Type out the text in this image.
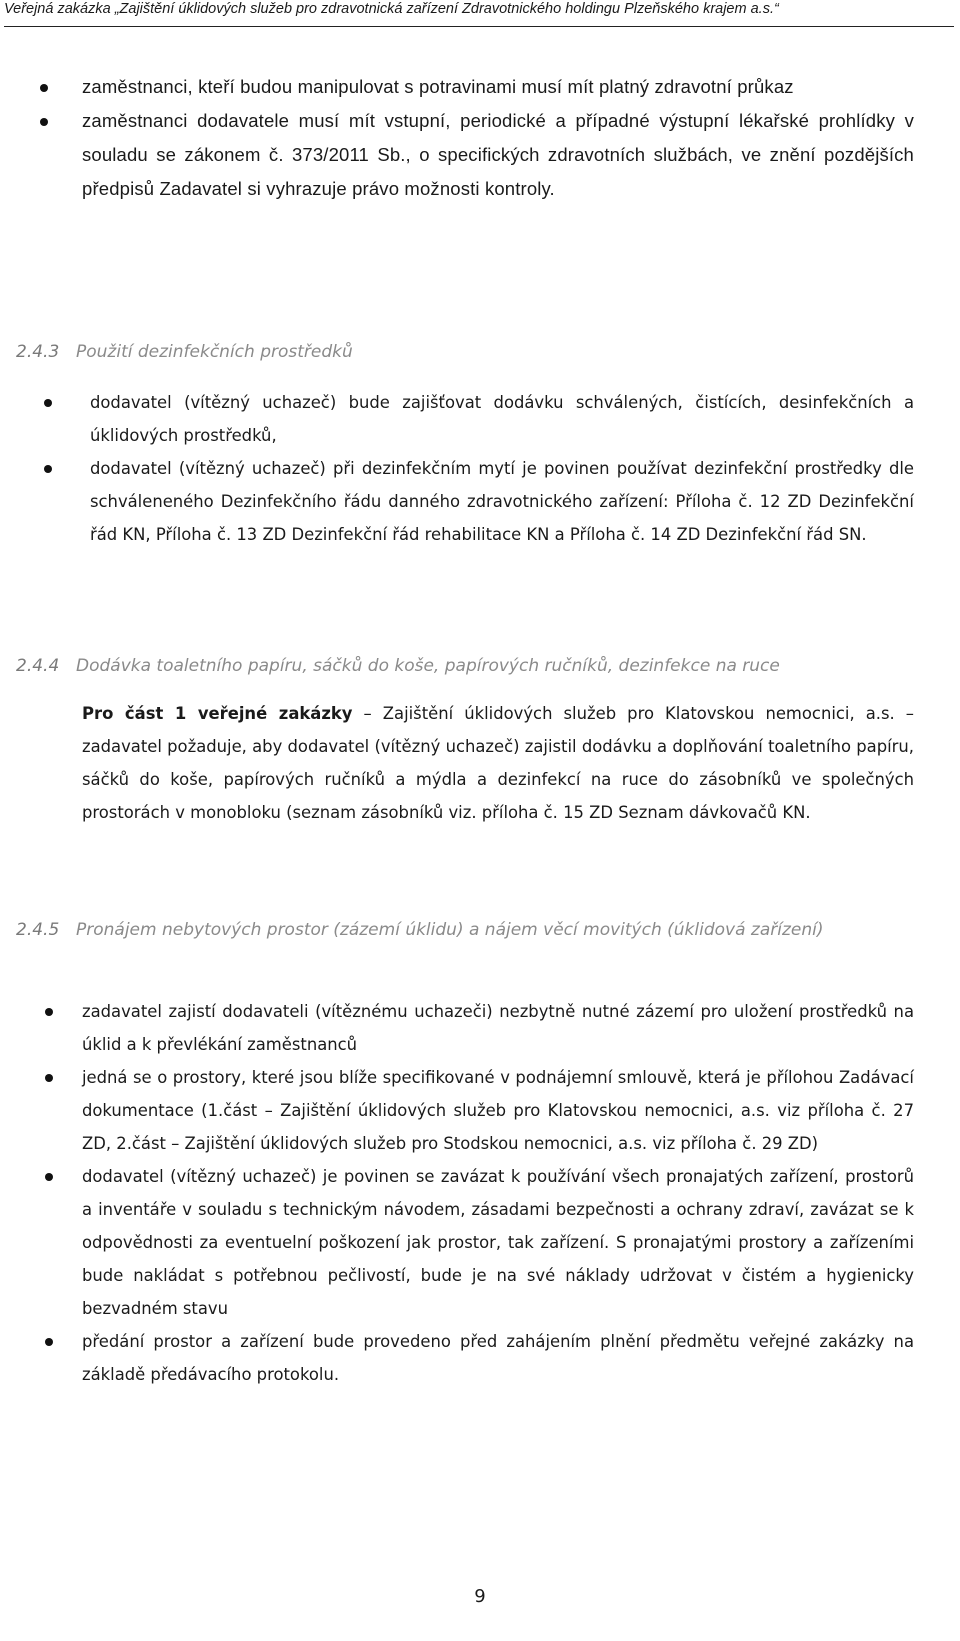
Veřejná zakázka „Zajištění úklidových služeb pro zdravotnická zařízení Zdravotnického holdingu Plzeňského krajem a.s.“
zaměstnanci, kteří budou manipulovat s potravinami musí mít platný zdravotní průkaz
zaměstnanci dodavatele musí mít vstupní, periodické a případné výstupní lékařské prohlídky v souladu se zákonem č. 373/2011 Sb., o specifických zdravotních službách, ve znění pozdějších předpisů Zadavatel si vyhrazuje právo možnosti kontroly.
2.4.3 Použití dezinfekčních prostředků
dodavatel (vítězný uchazeč) bude zajišťovat dodávku schválených, čistících, desinfekčních a úklidových prostředků,
dodavatel (vítězný uchazeč) při dezinfekčním mytí je povinen používat dezinfekční prostředky dle schváleneného Dezinfekčního řádu danného zdravotnického zařízení: Příloha č. 12 ZD Dezinfekční řád KN, Příloha č. 13 ZD Dezinfekční řád rehabilitace KN a Příloha č. 14 ZD Dezinfekční řád SN.
2.4.4 Dodávka toaletního papíru, sáčků do koše, papírových ručníků, dezinfekce na ruce

Pro část 1 veřejné zakázky – Zajištění úklidových služeb pro Klatovskou nemocnici, a.s. – zadavatel požaduje, aby dodavatel (vítězný uchazeč) zajistil dodávku a doplňování toaletního papíru, sáčků do koše, papírových ručníků a mýdla a dezinfekcí na ruce do zásobníků ve společných prostorách v monobloku (seznam zásobníků viz. příloha č. 15 ZD Seznam dávkovačů KN.

2.4.5 Pronájem nebytových prostor (zázemí úklidu) a nájem věcí movitých (úklidová zařízení)
zadavatel zajistí dodavateli (vítěznému uchazeči) nezbytně nutné zázemí pro uložení prostředků na úklid a k převlékání zaměstnanců
jedná se o prostory, které jsou blíže specifikované v podnájemní smlouvě, která je přílohou Zadávací dokumentace (1.část – Zajištění úklidových služeb pro Klatovskou nemocnici, a.s. viz příloha č. 27 ZD, 2.část – Zajištění úklidových služeb pro Stodskou nemocnici, a.s. viz příloha č. 29 ZD)
dodavatel (vítězný uchazeč) je povinen se zavázat k používání všech pronajatých zařízení, prostorů a inventáře v souladu s technickým návodem, zásadami bezpečnosti a ochrany zdraví, zavázat se k odpovědnosti za eventuelní poškození jak prostor, tak zařízení. S pronajatými prostory a zařízeními bude nakládat s potřebnou pečlivostí, bude je na své náklady udržovat v čistém a hygienicky bezvadném stavu
předání prostor a zařízení bude provedeno před zahájením plnění předmětu veřejné zakázky na základě předávacího protokolu.
9
